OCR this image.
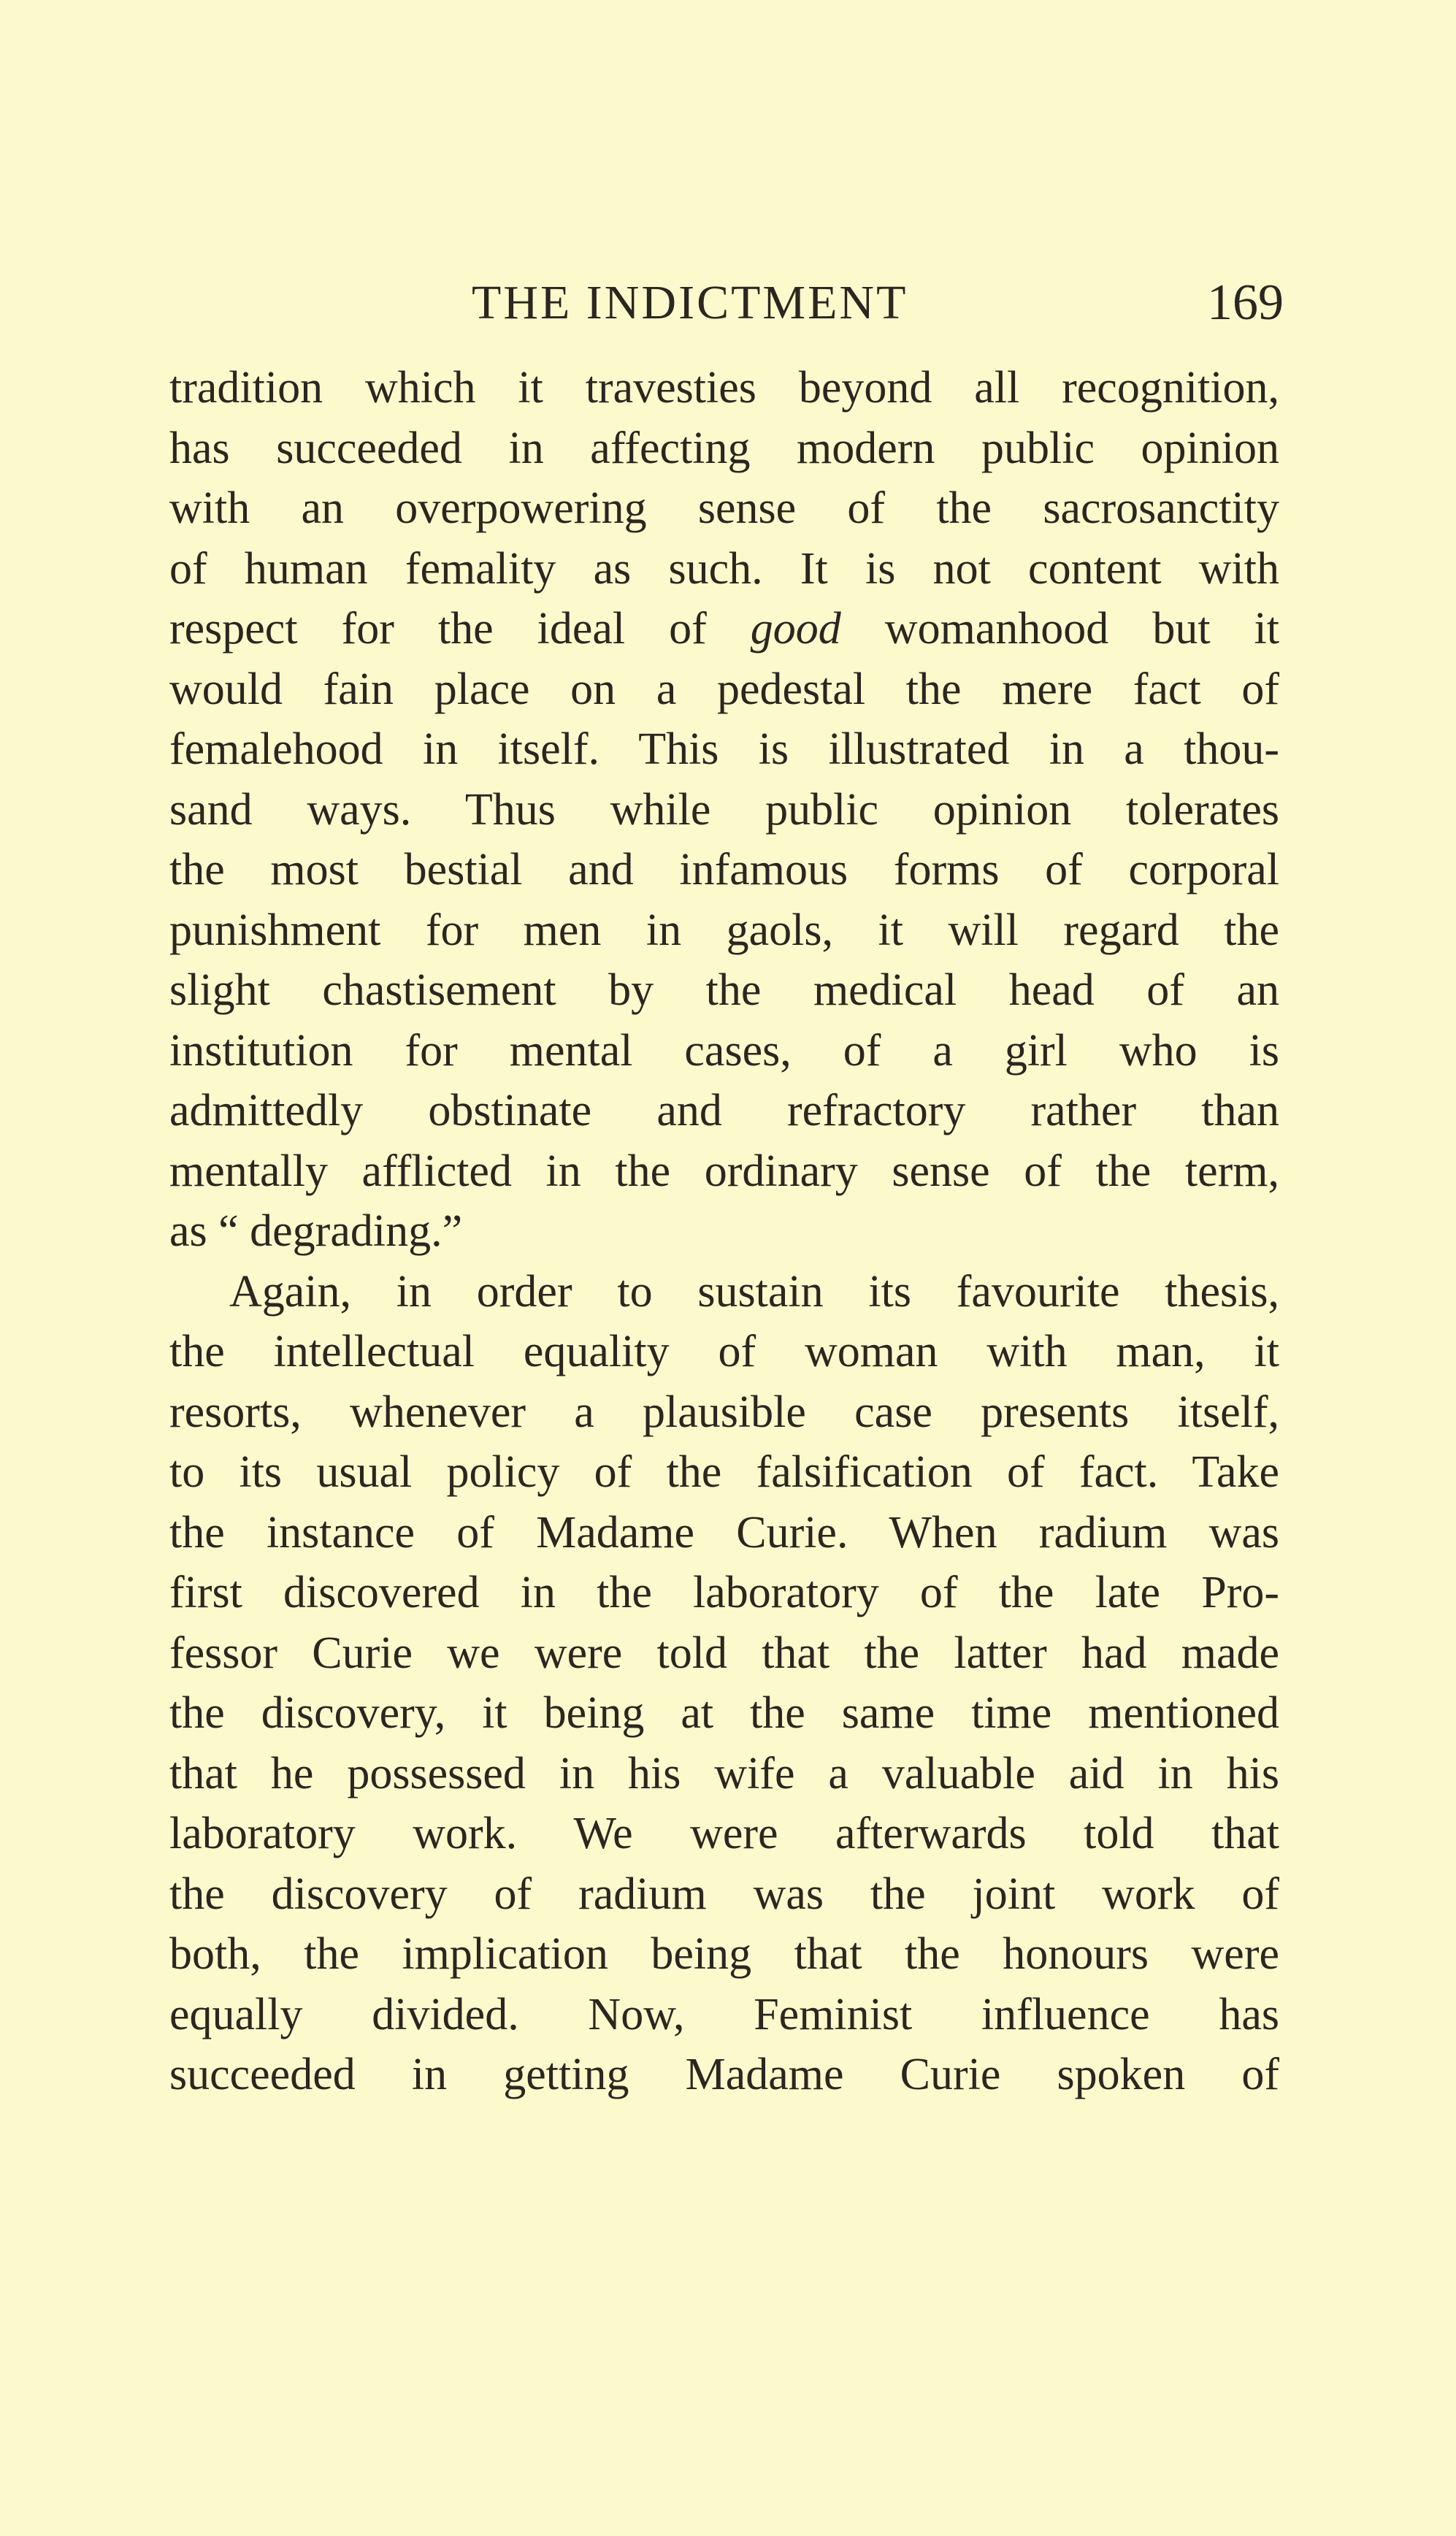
THE INDICTMENT	169
tradition which it travesties beyond all recognition,
has succeeded in affecting modern public opinion
with an overpowering sense of the sacrosanctity
of human femality as such. It is not content with
respect for the ideal of good womanhood but it
would fain place on a pedestal the mere fact of
femalehood in itself. This is illustrated in a thou-
sand ways. Thus while public opinion tolerates
the most bestial and infamous forms of corporal
punishment for men in gaols, it will regard the
slight chastisement by the medical head of an
institution for mental cases, of a girl who is
admittedly obstinate and refractory rather than
mentally afflicted in the ordinary sense of the term,
as “ degrading.”
Again, in order to sustain its favourite thesis,
the intellectual equality of woman with man, it
resorts, whenever a plausible case presents itself,
to its usual policy of the falsification of fact. Take
the instance of Madame Curie. When radium was
first discovered in the laboratory of the late Pro-
fessor Curie we were told that the latter had made
the discovery, it being at the same time mentioned
that he possessed in his wife a valuable aid in his
laboratory work. We were afterwards told that
the discovery of radium was the joint work of
both, the implication being that the honours were
equally divided. Now, Feminist influence has
succeeded in getting Madame Curie spoken of
